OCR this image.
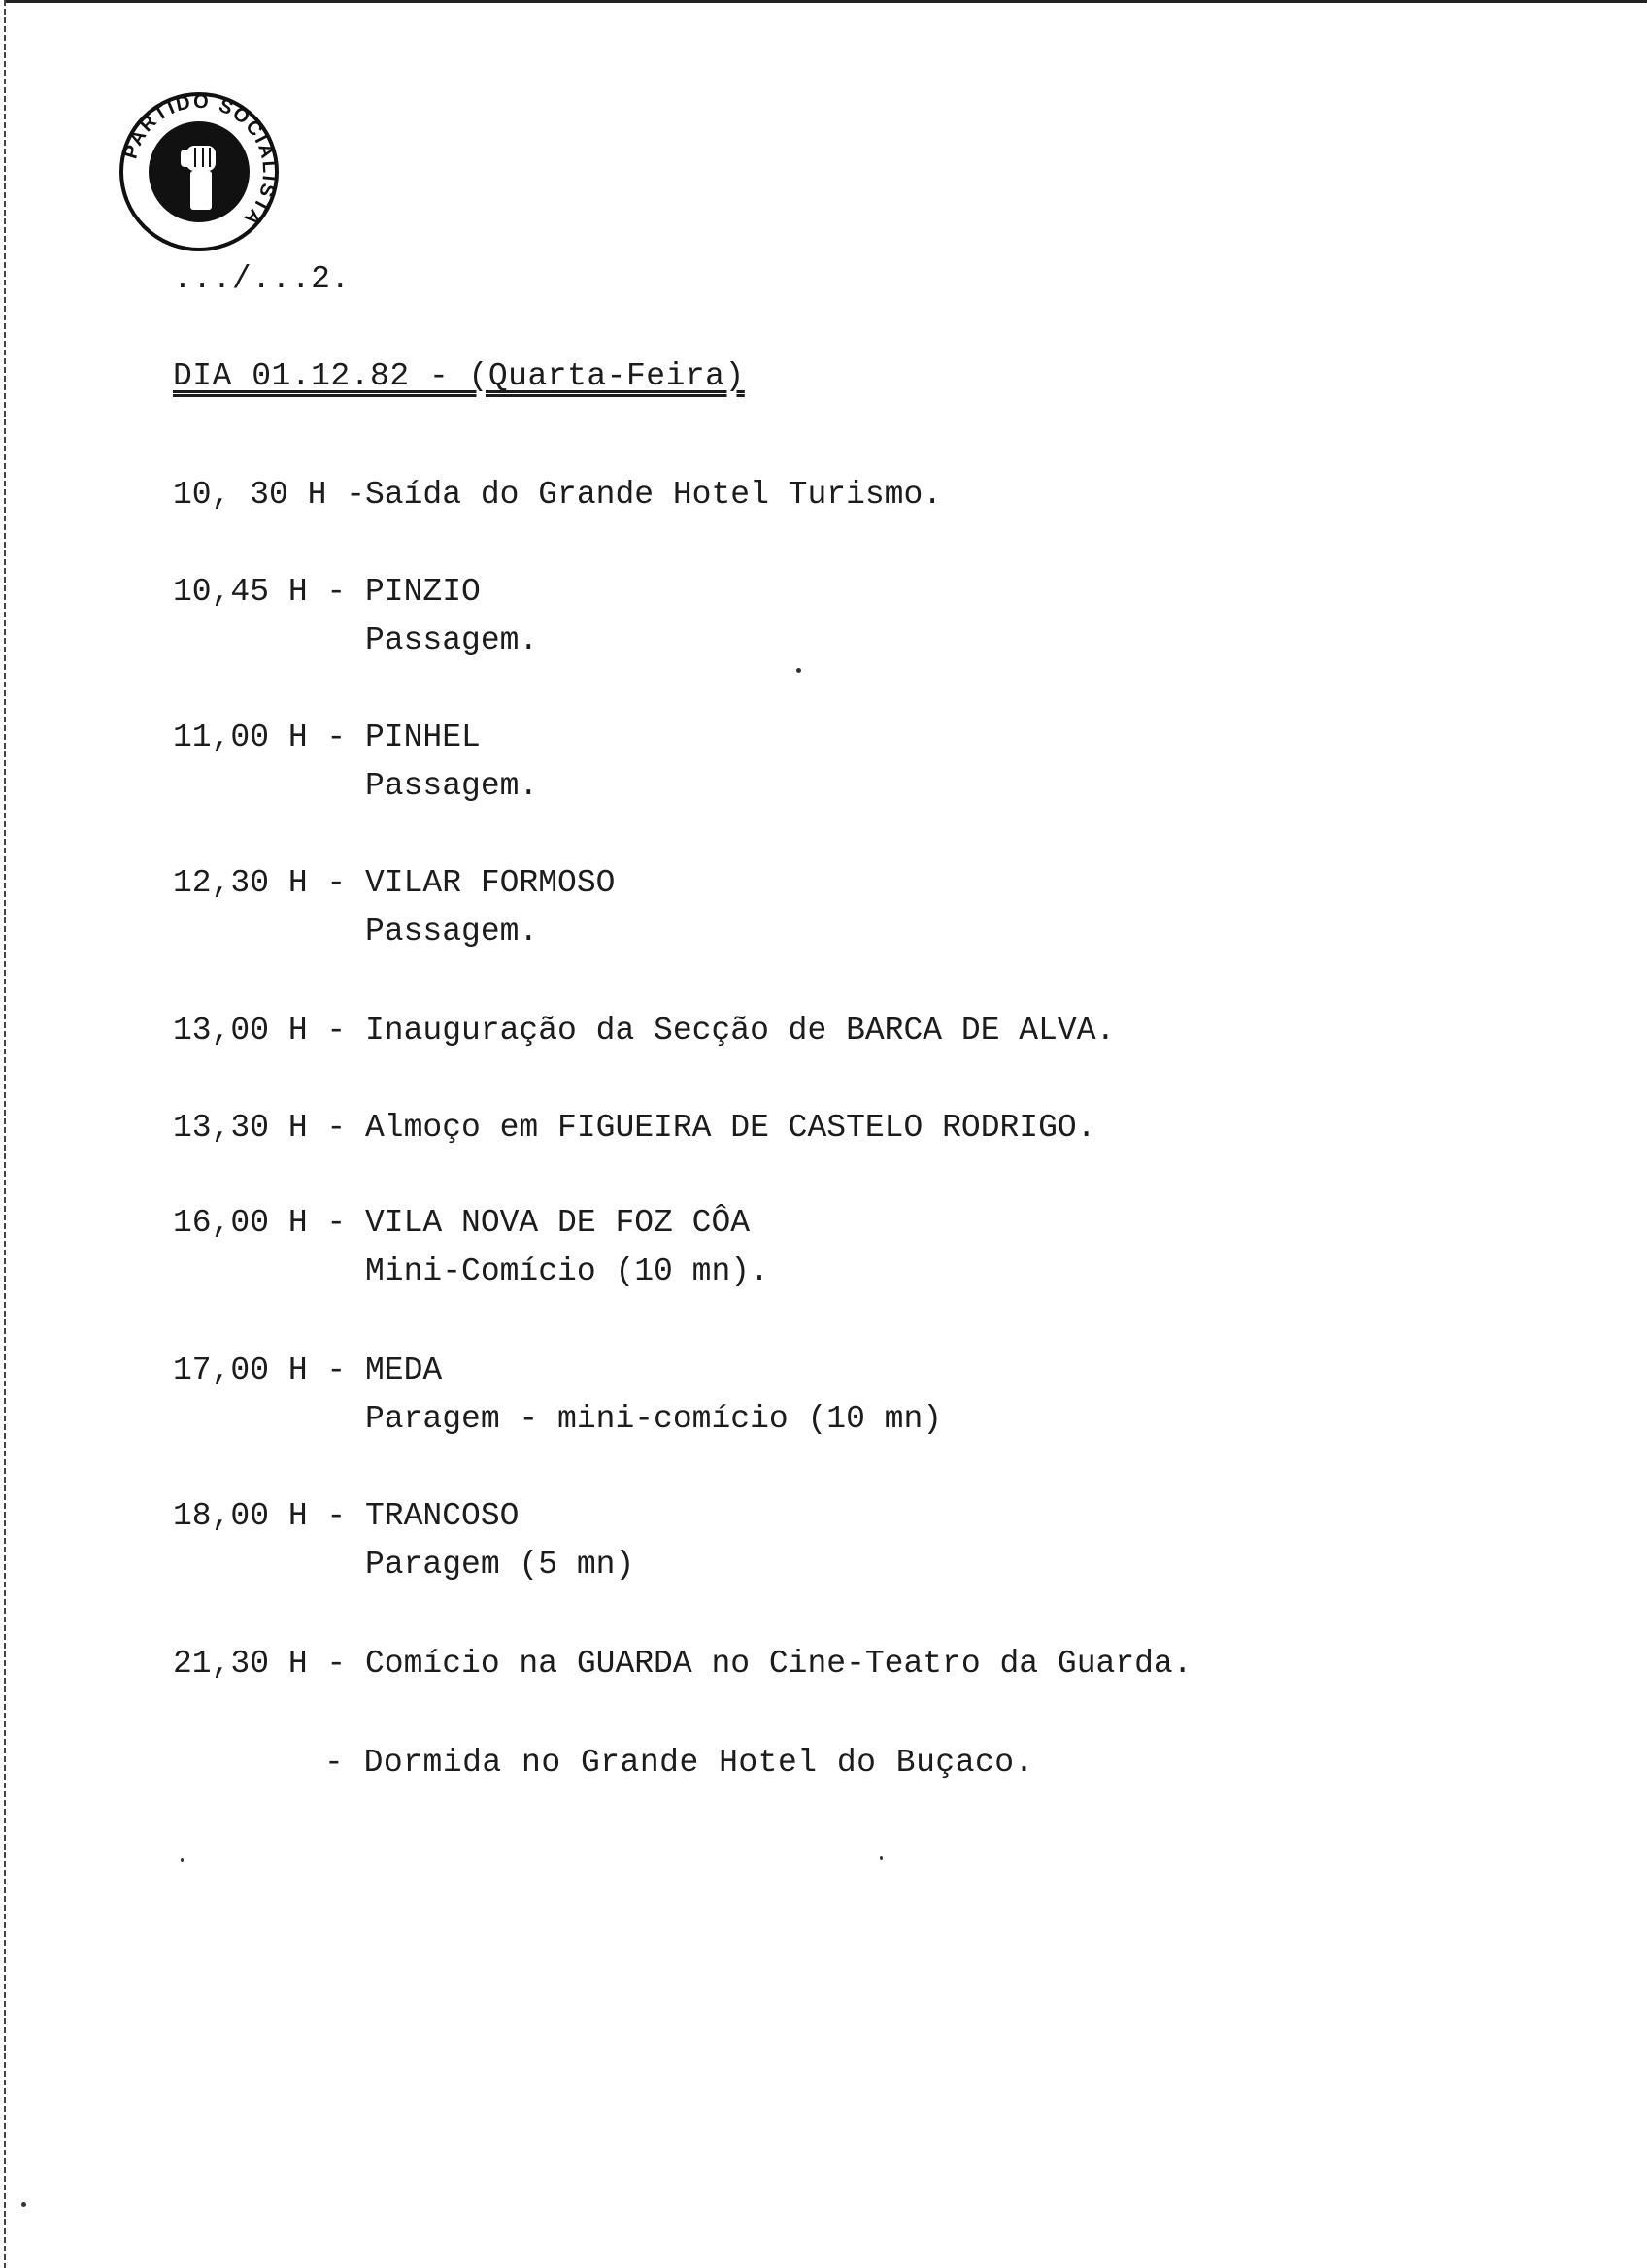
PARTIDO SOCIALISTA
.../...2.
DIA 01.12.82 - (Quarta-Feira)
10, 30 H - Saída do Grande Hotel Turismo.
10,45 H - PINZIO
Passagem.
11,00 H - PINHEL
Passagem.
12,30 H - VILAR FORMOSO
Passagem.
13,00 H - Inauguração da Secção de BARCA DE ALVA.
13,30 H - Almoço em FIGUEIRA DE CASTELO RODRIGO.
16,00 H - VILA NOVA DE FOZ CÔA
Mini-Comício (10 mn).
17,00 H - MEDA
Paragem - mini-comício (10 mn)
18,00 H - TRANCOSO
Paragem (5 mn)
21,30 H - Comício na GUARDA no Cine-Teatro da Guarda.
- Dormida no Grande Hotel do Buçaco.
